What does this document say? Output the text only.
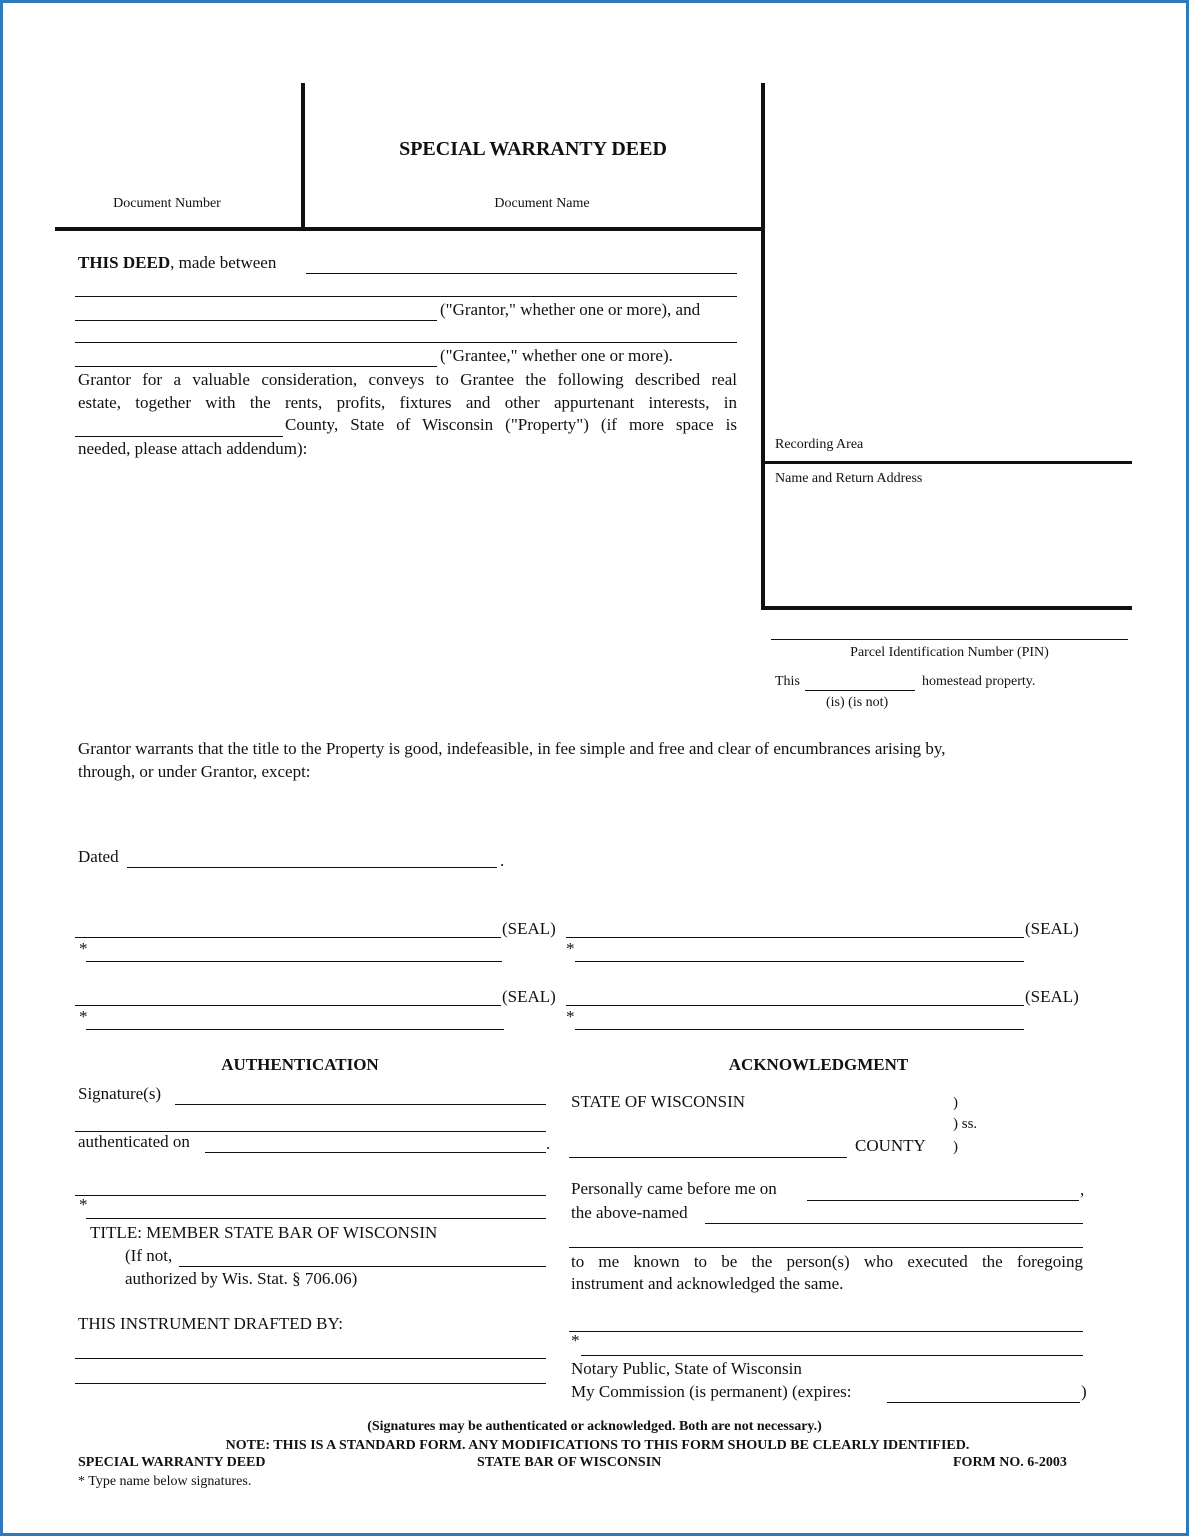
SPECIAL WARRANTY DEED
Document Number	Document Name
Recording Area
Name and Return Address
Parcel Identification Number (PIN)
This	homestead property.
(is) (is not)
THIS DEED, made between
("Grantor," whether one or more), and
("Grantee," whether one or more).
Grantor for a valuable consideration, conveys to Grantee the following described real
estate, together with the rents, profits, fixtures and other appurtenant interests, in
County, State of Wisconsin ("Property") (if more space is
needed, please attach addendum):
Grantor warrants that the title to the Property is good, indefeasible, in fee simple and free and clear of encumbrances arising by,
through, or under Grantor, except:
Dated	.
(SEAL)
*
(SEAL)
*
(SEAL)
*
(SEAL)
*
AUTHENTICATION
Signature(s)
authenticated on	.
*
TITLE: MEMBER STATE BAR OF WISCONSIN
(If not,
authorized by Wis. Stat. § 706.06)
THIS INSTRUMENT DRAFTED BY:
ACKNOWLEDGMENT
STATE OF WISCONSIN	)
) ss.
COUNTY )
Personally came before me on	,
the above-named
to me known to be the person(s) who executed the foregoing
instrument and acknowledged the same.
*
Notary Public, State of Wisconsin
My Commission (is permanent) (expires:	)
(Signatures may be authenticated or acknowledged. Both are not necessary.)
NOTE: THIS IS A STANDARD FORM. ANY MODIFICATIONS TO THIS FORM SHOULD BE CLEARLY IDENTIFIED.
SPECIAL WARRANTY DEED	STATE BAR OF WISCONSIN	FORM NO. 6-2003
* Type name below signatures.
